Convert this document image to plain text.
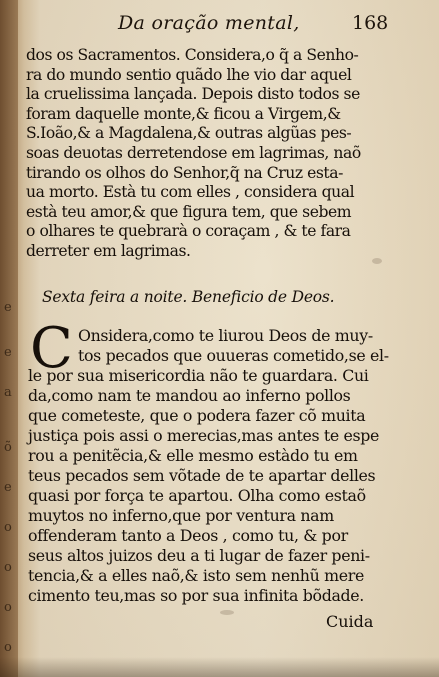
e
e
a
õ
e
o
o
o
o
Da oração mental,	168
dos os Sacramentos. Considera,o q̃ a Senho-
ra do mundo sentio quãdo lhe vio dar aquel
la cruelissima lançada. Depois disto todos se
foram daquelle monte,& ficou a Virgem,&
S.Ioão,& a Magdalena,& outras algũas pes-
soas deuotas derretendose em lagrimas, naõ
tirando os olhos do Senhor,q̃ na Cruz esta-
ua morto. Està tu com elles , considera qual
està teu amor,& que figura tem, que sebem
o olhares te quebrarà o coraçam , & te fara
derreter em lagrimas.
Sexta feira a noite. Beneficio de Deos.
C Onsidera,como te liurou Deos de muy-
tos pecados que ouueras cometido,se el-
le por sua misericordia não te guardara. Cui
da,como nam te mandou ao inferno pollos
que cometeste, que o podera fazer cõ muita
justiça pois assi o merecias,mas antes te espe
rou a penitẽcia,& elle mesmo estàdo tu em
teus pecados sem võtade de te apartar delles
quasi por força te apartou. Olha como estaõ
muytos no inferno,que por ventura nam
offenderam tanto a Deos , como tu, & por
seus altos juizos deu a ti lugar de fazer peni-
tencia,& a elles naõ,& isto sem nenhũ mere
cimento teu,mas so por sua infinita bõdade.
Cuida
